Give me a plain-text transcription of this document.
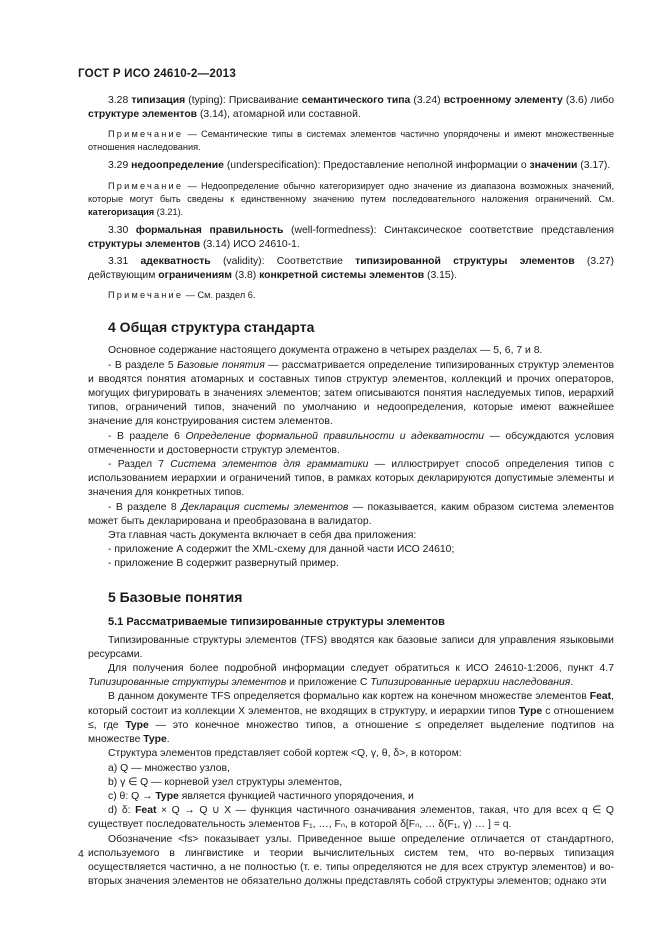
ГОСТ Р ИСО 24610-2—2013

3.28 типизация (typing): Присваивание семантического типа (3.24) встроенному элементу (3.6) либо структуре элементов (3.14), атомарной или составной.

Примечание — Семантические типы в системах элементов частично упорядочены и имеют множественные отношения наследования.

3.29 недоопределение (underspecification): Предоставление неполной информации о значении (3.17).

Примечание — Недоопределение обычно категоризирует одно значение из диапазона возможных значений, которые могут быть сведены к единственному значению путем последовательного наложения ограничений. См. категоризация (3.21).

3.30 формальная правильность (well-formedness): Синтаксическое соответствие представления структуры элементов (3.14) ИСО 24610-1.

3.31 адекватность (validity): Соответствие типизированной структуры элементов (3.27) действующим ограничениям (3.8) конкретной системы элементов (3.15).

Примечание — См. раздел 6.

4 Общая структура стандарта

Основное содержание настоящего документа отражено в четырех разделах — 5, 6, 7 и 8.

- В разделе 5 Базовые понятия — рассматривается определение типизированных структур элементов и вводятся понятия атомарных и составных типов структур элементов, коллекций и прочих операторов, могущих фигурировать в значениях элементов; затем описываются понятия наследуемых типов, иерархий типов, ограничений типов, значений по умолчанию и недоопределения, которые имеют важнейшее значение для конструирования систем элементов.

- В разделе 6 Определение формальной правильности и адекватности — обсуждаются условия отмеченности и достоверности структур элементов.

- Раздел 7 Система элементов для грамматики — иллюстрирует способ определения типов с использованием иерархии и ограничений типов, в рамках которых декларируются допустимые элементы и значения для конкретных типов.

- В разделе 8 Декларация системы элементов — показывается, каким образом система элементов может быть декларирована и преобразована в валидатор.

Эта главная часть документа включает в себя два приложения:

- приложение А содержит the XML-схему для данной части ИСО 24610;

- приложение В содержит развернутый пример.

5 Базовые понятия
5.1 Рассматриваемые типизированные структуры элементов

Типизированные структуры элементов (TFS) вводятся как базовые записи для управления языковыми ресурсами.

Для получения более подробной информации следует обратиться к ИСО 24610-1:2006, пункт 4.7 Типизированные структуры элементов и приложение С Типизированные иерархии наследования.

В данном документе TFS определяется формально как кортеж на конечном множестве элементов Feat, который состоит из коллекции X элементов, не входящих в структуру, и иерархии типов Type с отношением ≤, где Type — это конечное множество типов, а отношение ≤ определяет выделение подтипов на множестве Type.

Структура элементов представляет собой кортеж <Q, γ, θ, δ>, в котором:

a) Q — множество узлов,

b) γ ∈ Q — корневой узел структуры элементов,

c) θ: Q → Type является функцией частичного упорядочения, и

d) δ: Feat × Q → Q ∪ X — функция частичного означивания элементов, такая, что для всех q ∈ Q существует последовательность элементов F₁, …, Fₙ, в которой δ[Fₙ, … δ(F₁, γ) … ] = q.

Обозначение <fs> показывает узлы. Приведенное выше определение отличается от стандартного, используемого в лингвистике и теории вычислительных систем тем, что во-первых типизация осуществляется частично, а не полностью (т. е. типы определяются не для всех структур элементов) и во-вторых значения элементов не обязательно должны представлять собой структуры элементов; однако эти

4
